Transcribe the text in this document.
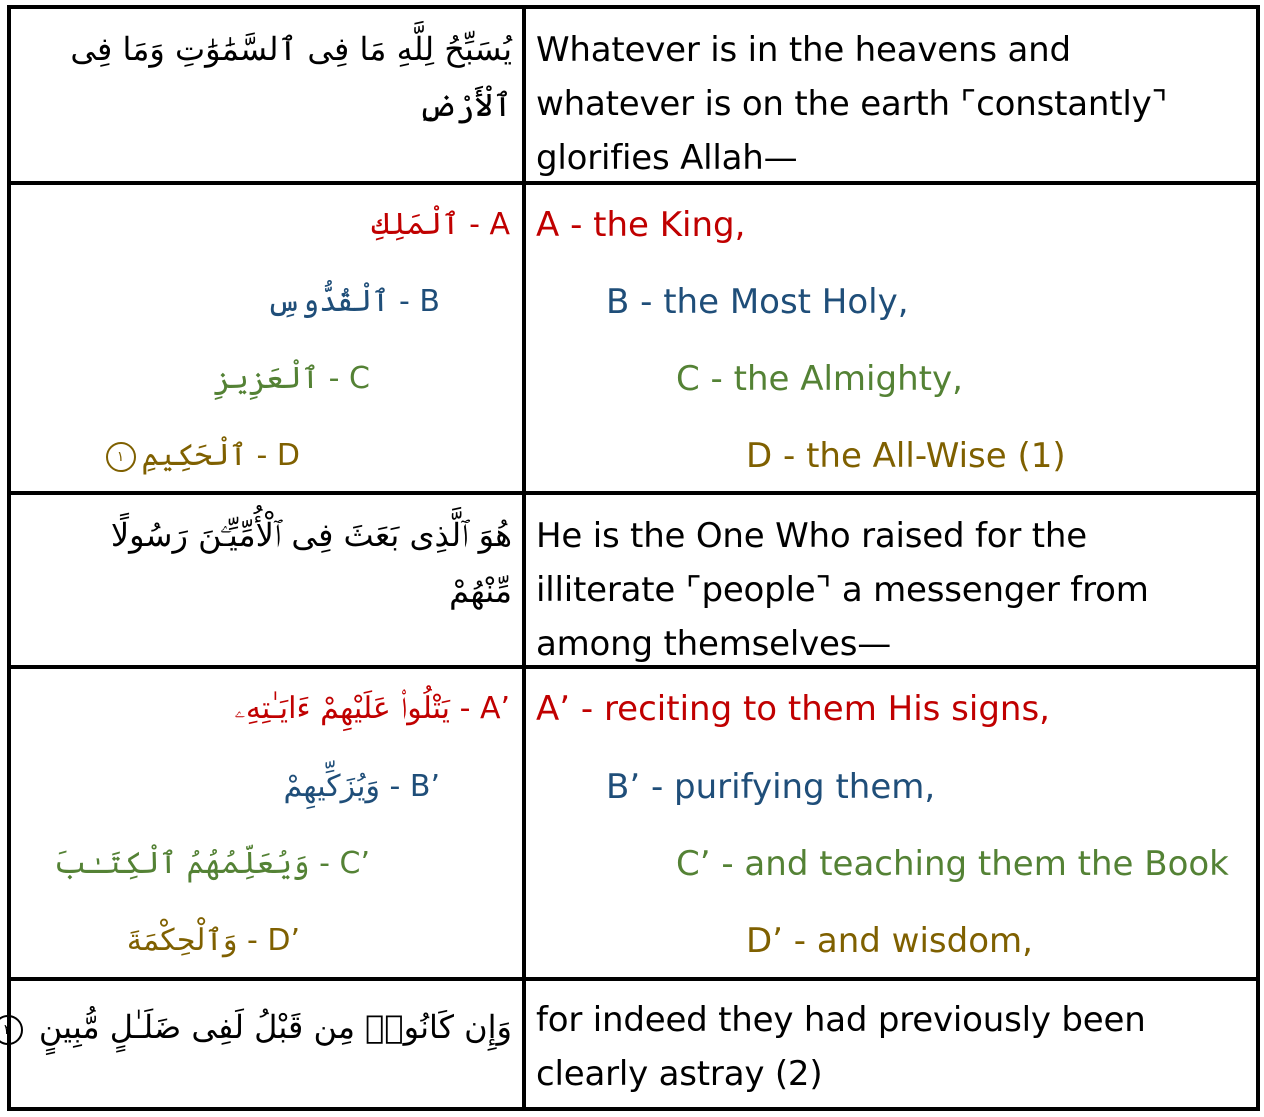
يُسَبِّحُ لِلَّهِ مَا فِى ٱلسَّمَٰوَٰتِ وَمَا فِى
ٱلْأَرْضِ
Whatever is in the heavens and
whatever is on the earth ⌜constantly⌝
glorifies Allah—
ٱلْمَلِكِ - A
ٱلْقُدُّوسِ - B
ٱلْعَزِيزِ - C
١ ٱلْحَكِيمِ - D
A - the King,
B - the Most Holy,
C - the Almighty,
D - the All-Wise (1)
هُوَ ٱلَّذِى بَعَثَ فِى ٱلْأُمِّيِّـۧنَ رَسُولًا
مِّنْهُمْ
He is the One Who raised for the
illiterate ⌜people⌝ a messenger from
among themselves—
يَتْلُوا۟ عَلَيْهِمْ ءَايَـٰتِهِۦ - A’
وَيُزَكِّيهِمْ - B’
وَيُعَلِّمُهُمُ ٱلْكِتَـٰبَ - C’
وَٱلْحِكْمَةَ - D’
A’ - reciting to them His signs,
B’ - purifying them,
C’ - and teaching them the Book
D’ - and wisdom,
وَإِن كَانُوا۟ مِن قَبْلُ لَفِى ضَلَـٰلٍ مُّبِينٍ ٢	for indeed they had previously been
clearly astray (2)
